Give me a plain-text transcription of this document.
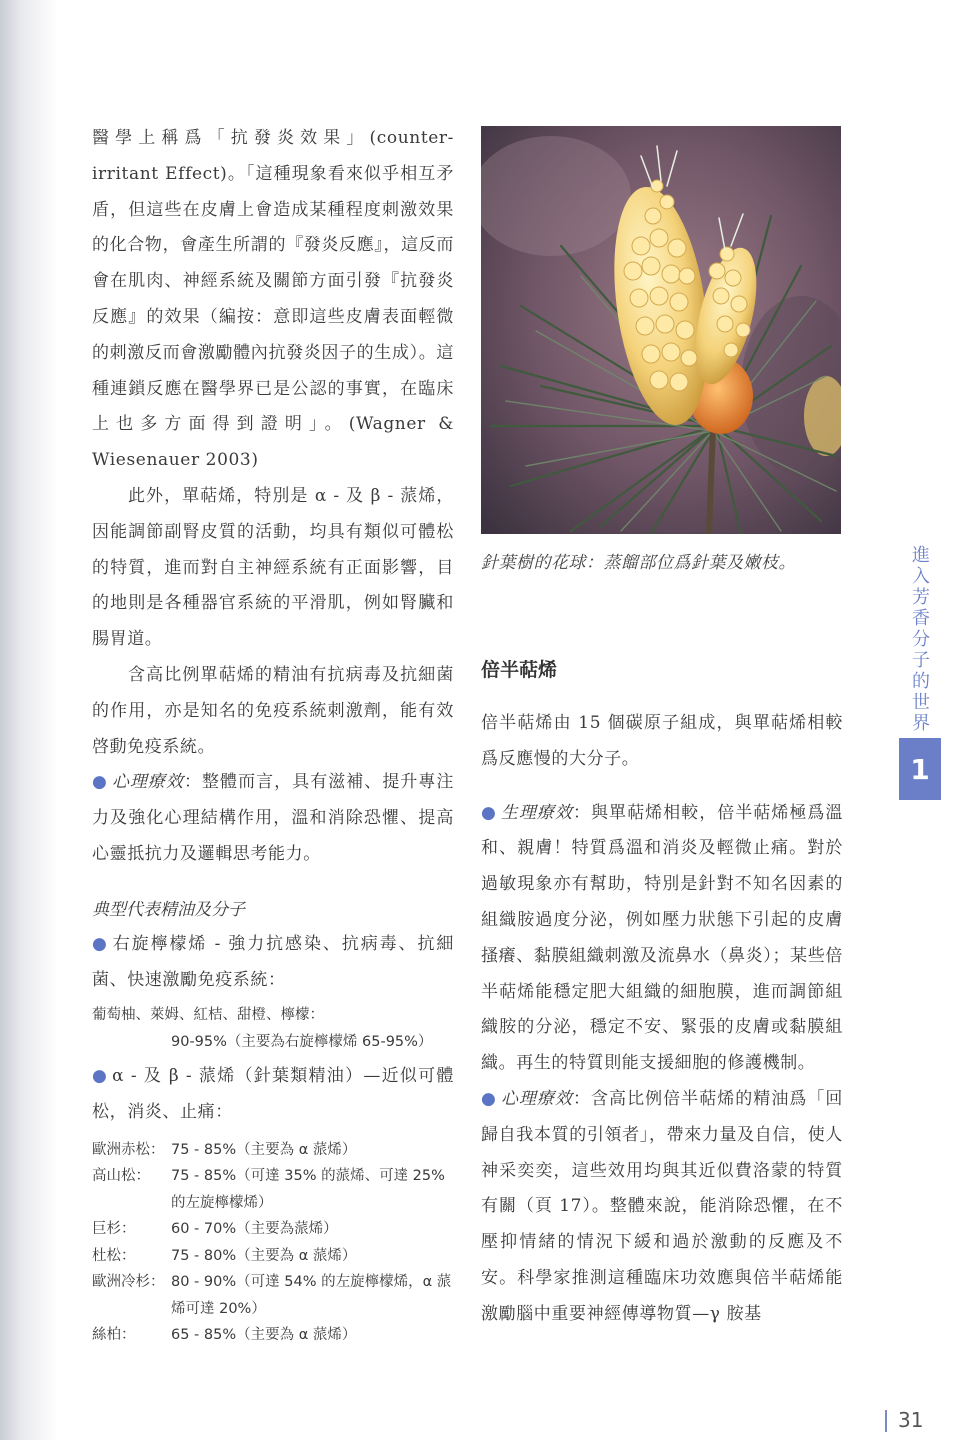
醫學上稱爲「抗發炎效果」(counter-irritant Effect)。「這種現象看來似乎相互矛盾，但這些在皮膚上會造成某種程度刺激效果的化合物，會產生所謂的『發炎反應』，這反而會在肌肉、神經系統及關節方面引發『抗發炎反應』的效果（編按：意即這些皮膚表面輕微的刺激反而會激勵體內抗發炎因子的生成）。這種連鎖反應在醫學界已是公認的事實，在臨床上也多方面得到證明」。(Wagner & Wiesenauer 2003)

此外，單萜烯，特別是 α - 及 β - 蒎烯，因能調節副腎皮質的活動，均具有類似可體松的特質，進而對自主神經系統有正面影響，目的地則是各種器官系統的平滑肌，例如腎臟和腸胃道。

含高比例單萜烯的精油有抗病毒及抗細菌的作用，亦是知名的免疫系統刺激劑，能有效啓動免疫系統。

● 心理療效：整體而言，具有滋補、提升專注力及強化心理結構作用，溫和消除恐懼、提高心靈抵抗力及邏輯思考能力。

典型代表精油及分子

● 右旋檸檬烯 - 強力抗感染、抗病毒、抗細菌、快速激勵免疫系統：

葡萄柚、萊姆、紅桔、甜橙、檸檬：
90-95%（主要為右旋檸檬烯 65-95%）

● α - 及 β - 蒎烯（針葉類精油）—近似可體松，消炎、止痛：

歐洲赤松： 75 - 85%（主要為 α 蒎烯）
高山松：	75 - 85%（可達 35% 的蒎烯、可達 25% 的左旋檸檬烯）
巨杉：	60 - 70%（主要為蒎烯）
杜松：	75 - 80%（主要為 α 蒎烯）
歐洲冷杉： 80 - 90%（可達 54% 的左旋檸檬烯，α 蒎烯可達 20%）
絲柏：	65 - 85%（主要為 α 蒎烯）
針葉樹的花球：蒸餾部位爲針葉及嫩枝。
倍半萜烯

倍半萜烯由 15 個碳原子組成，與單萜烯相較爲反應慢的大分子。

● 生理療效：與單萜烯相較，倍半萜烯極爲溫和、親膚！特質爲溫和消炎及輕微止痛。對於過敏現象亦有幫助，特別是針對不知名因素的組織胺過度分泌，例如壓力狀態下引起的皮膚搔癢、黏膜組織刺激及流鼻水（鼻炎）；某些倍半萜烯能穩定肥大組織的細胞膜，進而調節組織胺的分泌，穩定不安、緊張的皮膚或黏膜組織。再生的特質則能支援細胞的修護機制。

● 心理療效：含高比例倍半萜烯的精油爲「回歸自我本質的引領者」，帶來力量及自信，使人神采奕奕，這些效用均與其近似費洛蒙的特質有關（頁 17）。整體來說，能消除恐懼，在不壓抑情緒的情況下緩和過於激動的反應及不安。科學家推測這種臨床功效應與倍半萜烯能激勵腦中重要神經傳導物質—γ 胺基

進入芳香分子的世界
1
31
